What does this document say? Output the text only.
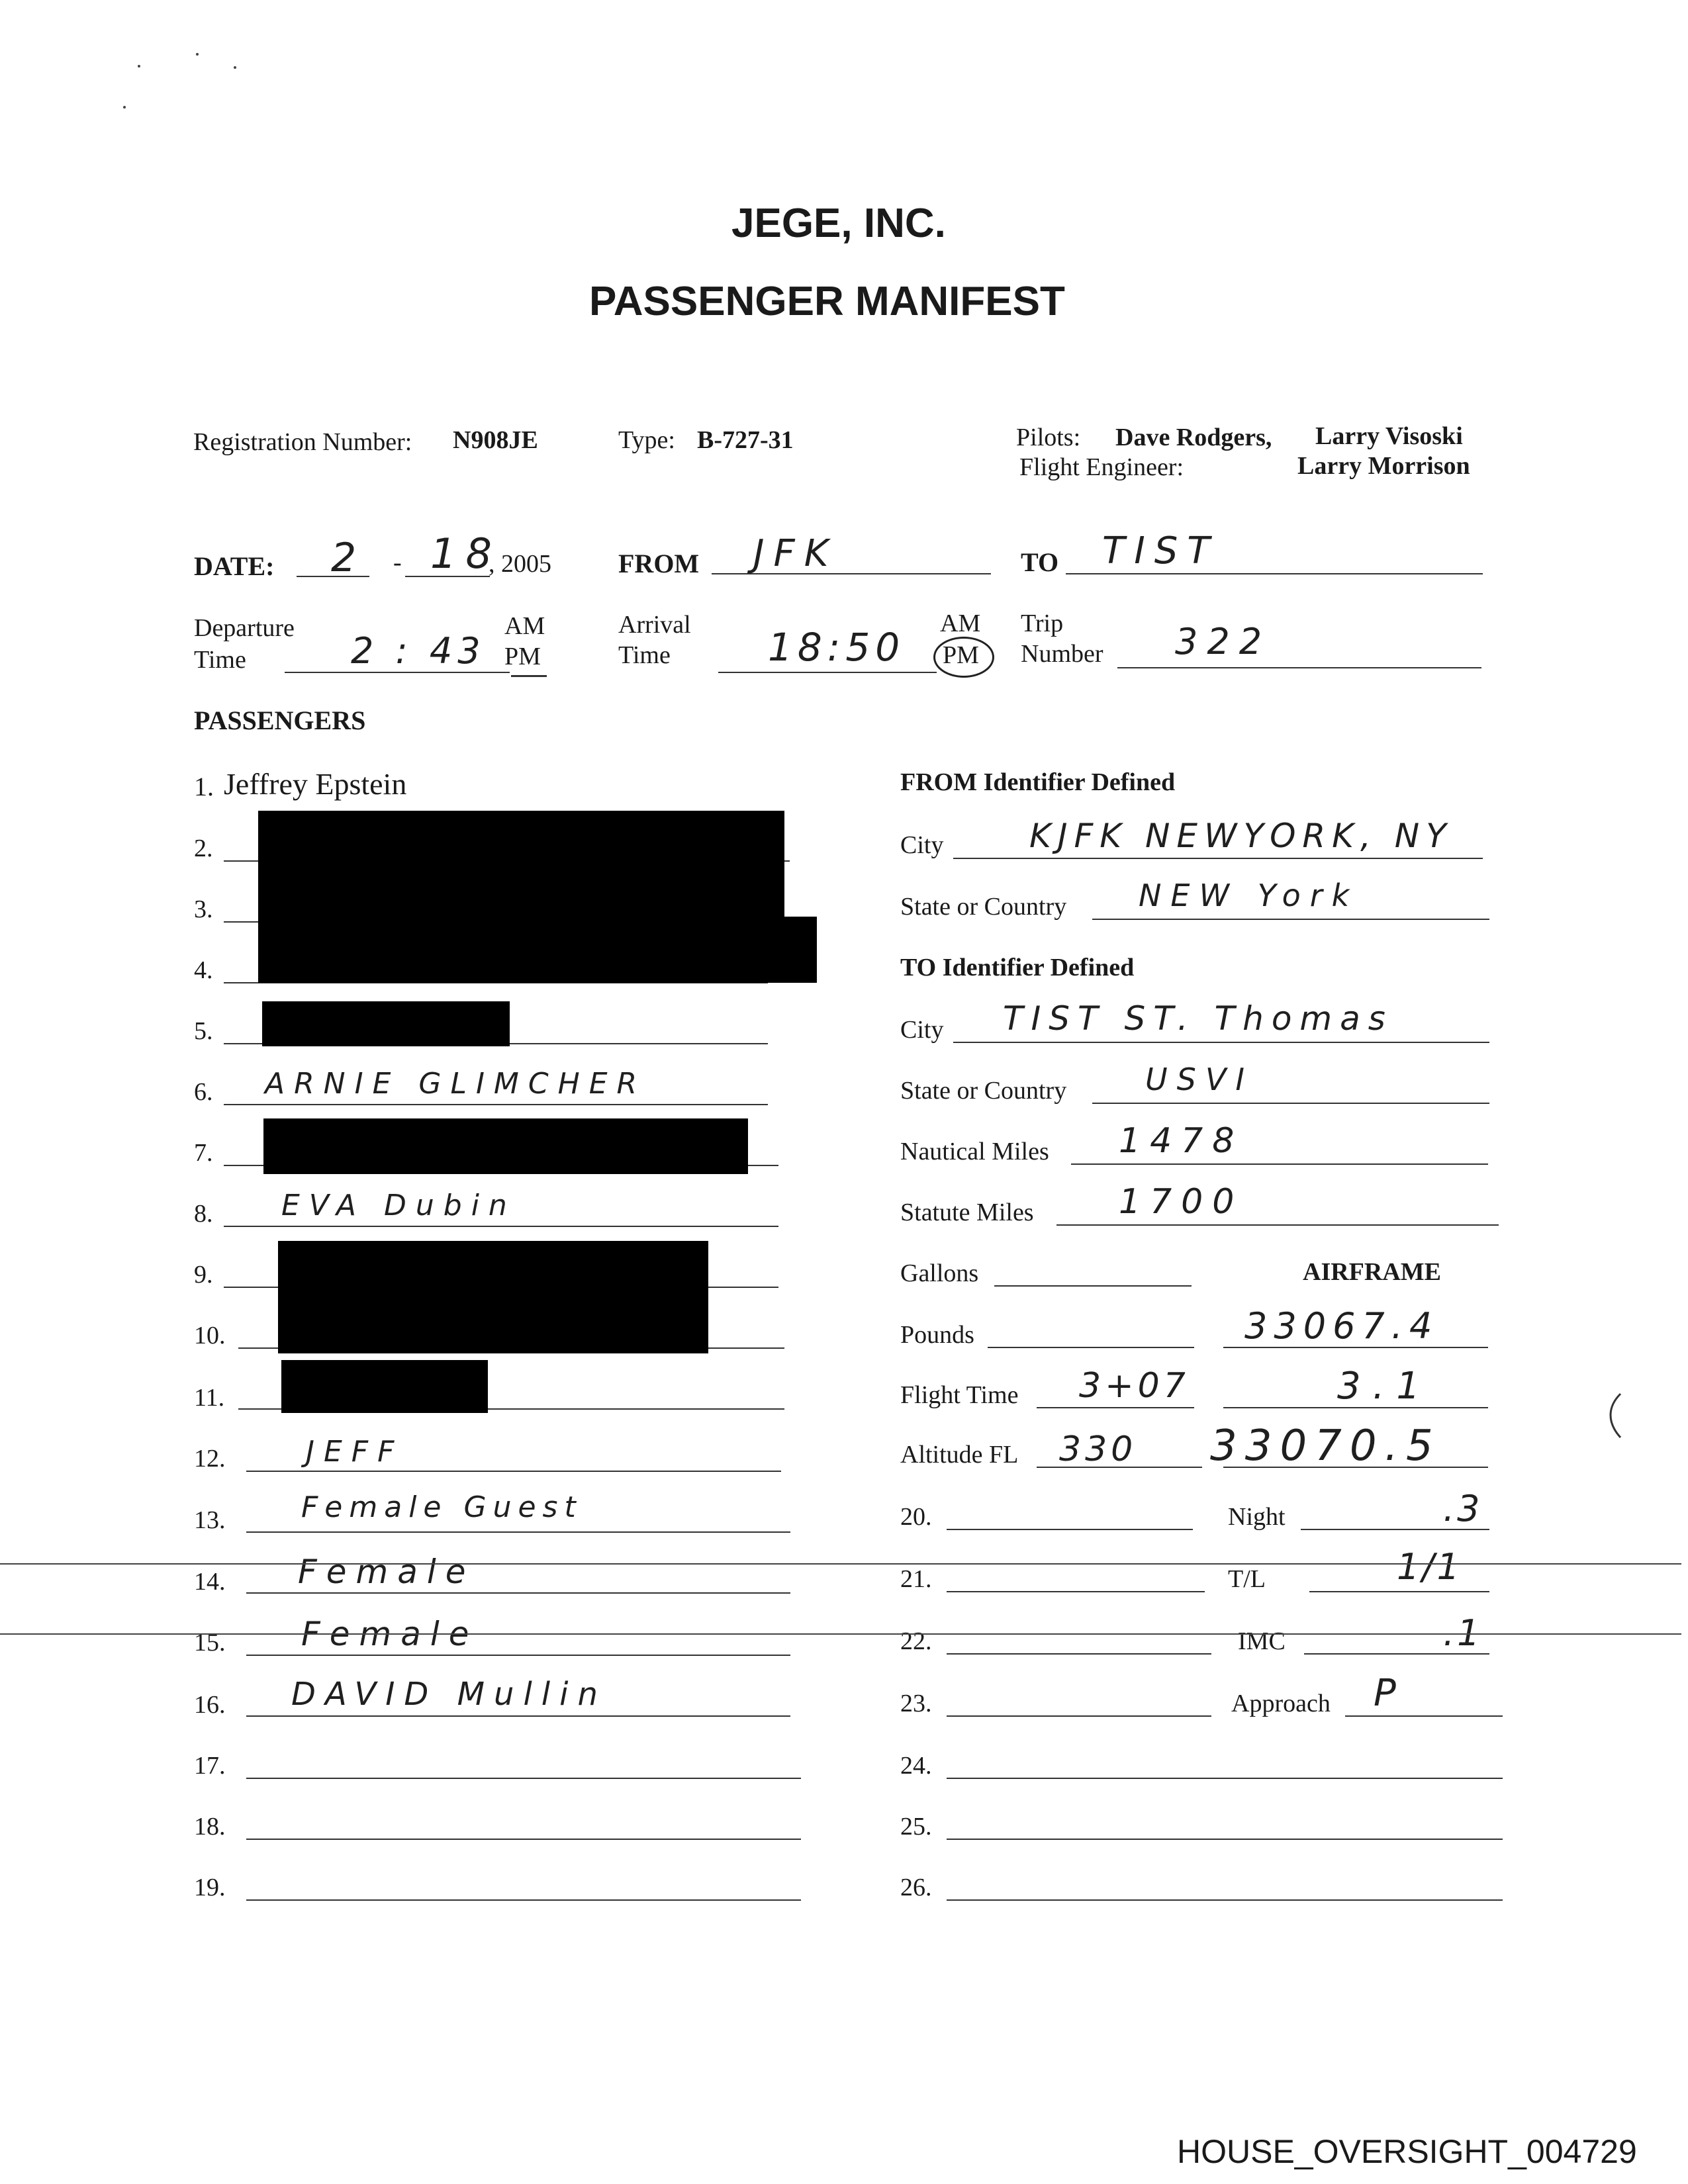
JEGE, INC.
PASSENGER MANIFEST
Registration Number: N908JE	Type: B-727-31	Pilots: Dave Rodgers, Larry Visoski
Flight Engineer:	Larry Morrison
DATE: 2 - 18
, 2005	FROM JFK	TO TIST
Departure
Time	2 : 43
AM
PM
Arrival
Time	18:50
AM
PM
Trip
Number 322
PASSENGERS
1. Jeffrey Epstein
2.
3.
4.
5.
6. ARNIE GLIMCHER
7.
8. EVA Dubin
9.
10.
11.
12.	JEFF
13.	Female Guest
14. Female
15. Female
16. DAVID Mullin
17.
18.
19.
FROM Identifier Defined
City	KJFK NEWYORK, NY
State or Country NEW York
TO Identifier Defined
City TIST ST. Thomas
State or Country	USVI
Nautical Miles 1478
Statute Miles 1700
AIRFRAME
Gallons
Pounds	33067.4
Flight Time 3+07	3.1
Altitude FL 330 33070.5
20.	Night	.3
21.	T/L	1/1
22.	IMC	.1
23.	Approach P
24.
25.
26.
HOUSE_OVERSIGHT_004729
